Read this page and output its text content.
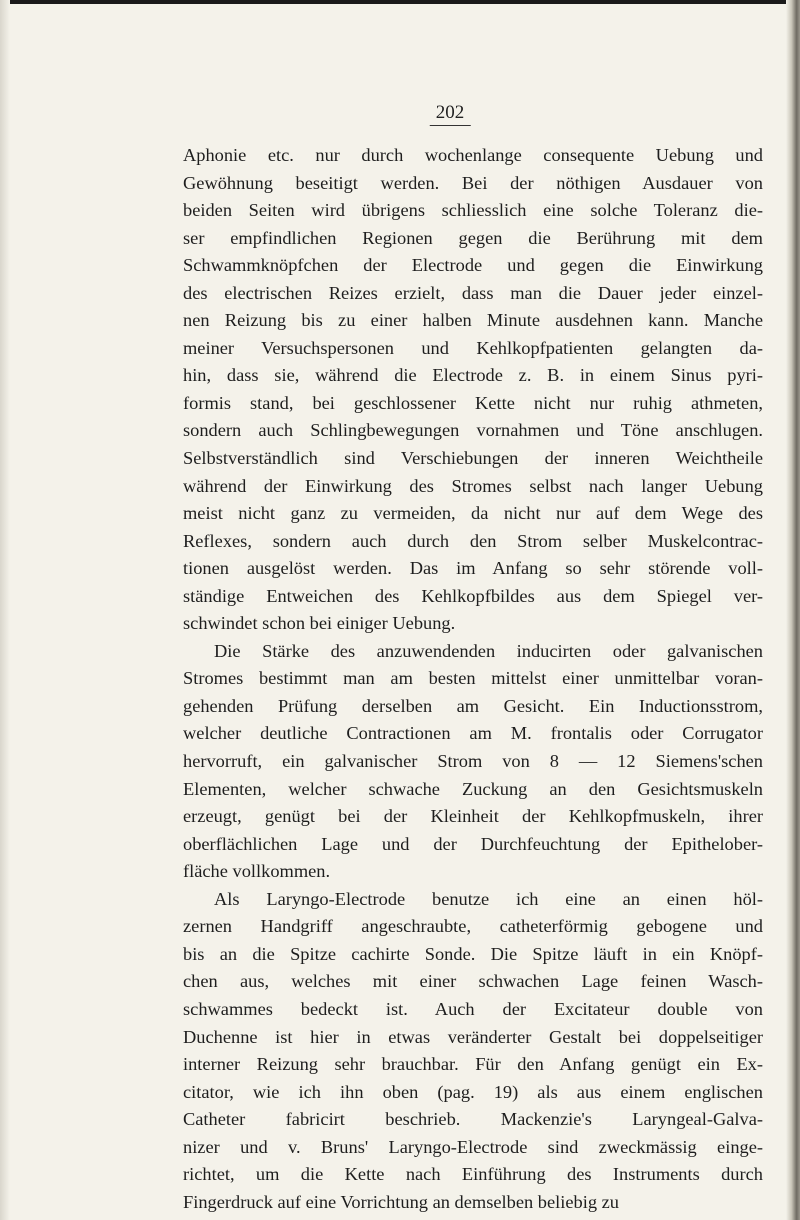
202
Aphonie etc. nur durch wochenlange consequente Uebung und
Gewöhnung beseitigt werden. Bei der nöthigen Ausdauer von
beiden Seiten wird übrigens schliesslich eine solche Toleranz die-
ser empfindlichen Regionen gegen die Berührung mit dem
Schwammknöpfchen der Electrode und gegen die Einwirkung
des electrischen Reizes erzielt, dass man die Dauer jeder einzel-
nen Reizung bis zu einer halben Minute ausdehnen kann. Manche
meiner Versuchspersonen und Kehlkopfpatienten gelangten da-
hin, dass sie, während die Electrode z. B. in einem Sinus pyri-
formis stand, bei geschlossener Kette nicht nur ruhig athmeten,
sondern auch Schlingbewegungen vornahmen und Töne anschlugen.
Selbstverständlich sind Verschiebungen der inneren Weichtheile
während der Einwirkung des Stromes selbst nach langer Uebung
meist nicht ganz zu vermeiden, da nicht nur auf dem Wege des
Reflexes, sondern auch durch den Strom selber Muskelcontrac-
tionen ausgelöst werden. Das im Anfang so sehr störende voll-
ständige Entweichen des Kehlkopfbildes aus dem Spiegel ver-
schwindet schon bei einiger Uebung.
Die Stärke des anzuwendenden inducirten oder galvanischen
Stromes bestimmt man am besten mittelst einer unmittelbar voran-
gehenden Prüfung derselben am Gesicht. Ein Inductionsstrom,
welcher deutliche Contractionen am M. frontalis oder Corrugator
hervorruft, ein galvanischer Strom von 8 — 12 Siemens'schen
Elementen, welcher schwache Zuckung an den Gesichtsmuskeln
erzeugt, genügt bei der Kleinheit der Kehlkopfmuskeln, ihrer
oberflächlichen Lage und der Durchfeuchtung der Epithelober-
fläche vollkommen.
Als Laryngo-Electrode benutze ich eine an einen höl-
zernen Handgriff angeschraubte, catheterförmig gebogene und
bis an die Spitze cachirte Sonde. Die Spitze läuft in ein Knöpf-
chen aus, welches mit einer schwachen Lage feinen Wasch-
schwammes bedeckt ist. Auch der Excitateur double von
Duchenne ist hier in etwas veränderter Gestalt bei doppelseitiger
interner Reizung sehr brauchbar. Für den Anfang genügt ein Ex-
citator, wie ich ihn oben (pag. 19) als aus einem englischen
Catheter fabricirt beschrieb. Mackenzie's Laryngeal-Galva-
nizer und v. Bruns' Laryngo-Electrode sind zweckmässig einge-
richtet, um die Kette nach Einführung des Instruments durch
Fingerdruck auf eine Vorrichtung an demselben beliebig zu
